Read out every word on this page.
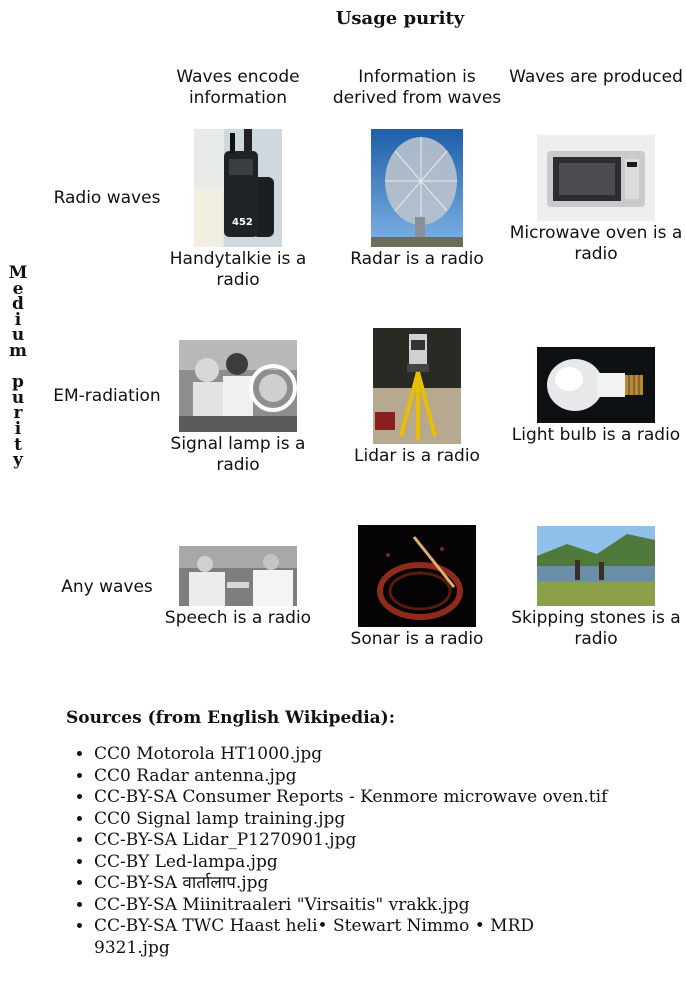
Usage purity
Waves encode information
Information is derived from waves
Waves are produced
M
e
d
i
u
m

p
u
r
i
t
y
Radio waves
EM-radiation
Any waves
452
Handytalkie is a radio
Radar is a radio
Microwave oven is a radio
Signal lamp is a radio	Lidar is a radio
Light bulb is a radio
Speech is a radio
Sonar is a radio
Skipping stones is a radio
Sources (from English Wikipedia):
• CC0 Motorola HT1000.jpg
• CC0 Radar antenna.jpg
• CC-BY-SA Consumer Reports - Kenmore microwave oven.tif
• CC0 Signal lamp training.jpg
• CC-BY-SA Lidar_P1270901.jpg
• CC-BY Led-lampa.jpg
• CC-BY-SA वार्तालाप.jpg
• CC-BY-SA Miinitraaleri "Virsaitis" vrakk.jpg
• CC-BY-SA TWC Haast heli• Stewart Nimmo • MRD 9321.jpg
